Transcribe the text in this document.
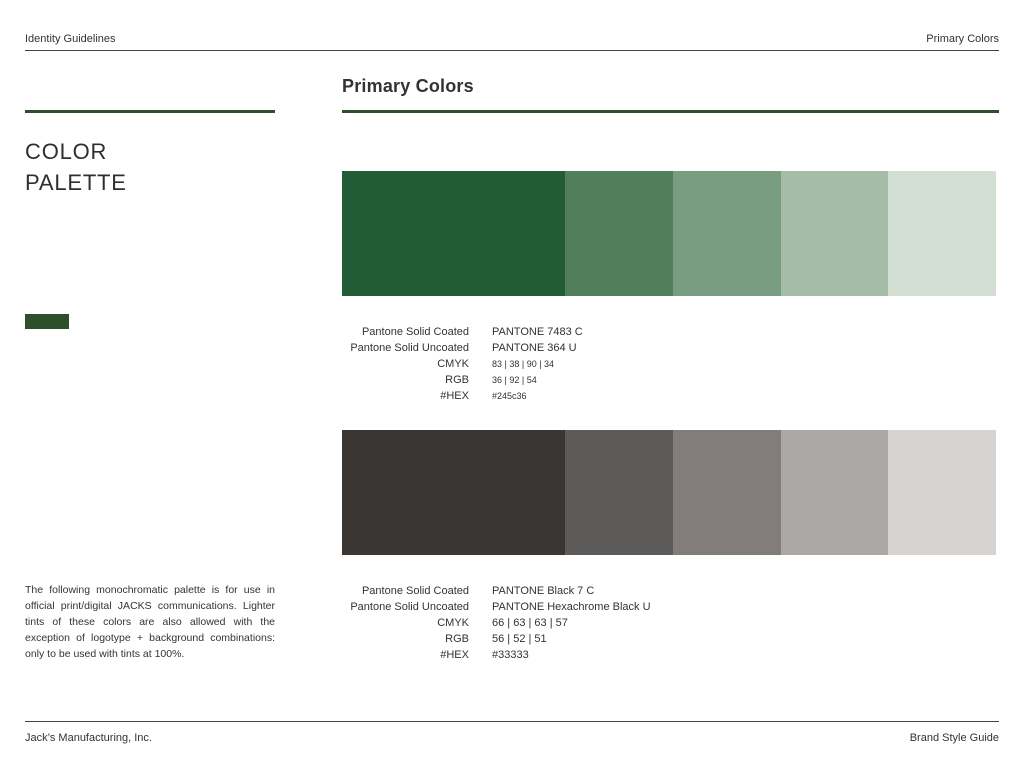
Identity Guidelines	Primary Colors
COLOR
PALETTE
The following monochromatic palette is for use in official print/digital JACKS communications. Lighter tints of these colors are also allowed with the exception of logotype + background combinations: only to be used with tints at 100%.
Primary Colors
Pantone Solid Coated PANTONE 7483 C
Pantone Solid Uncoated PANTONE 364 U
CMYK	83 | 38 | 90 | 34
RGB	36 | 92 | 54
#HEX	#245c36
Pantone Solid Coated PANTONE Black 7 C
Pantone Solid Uncoated PANTONE Hexachrome Black U
CMYK 66 | 63 | 63 | 57
RGB 56 | 52 | 51
#HEX #33333
Jack’s Manufacturing, Inc.	Brand Style Guide
